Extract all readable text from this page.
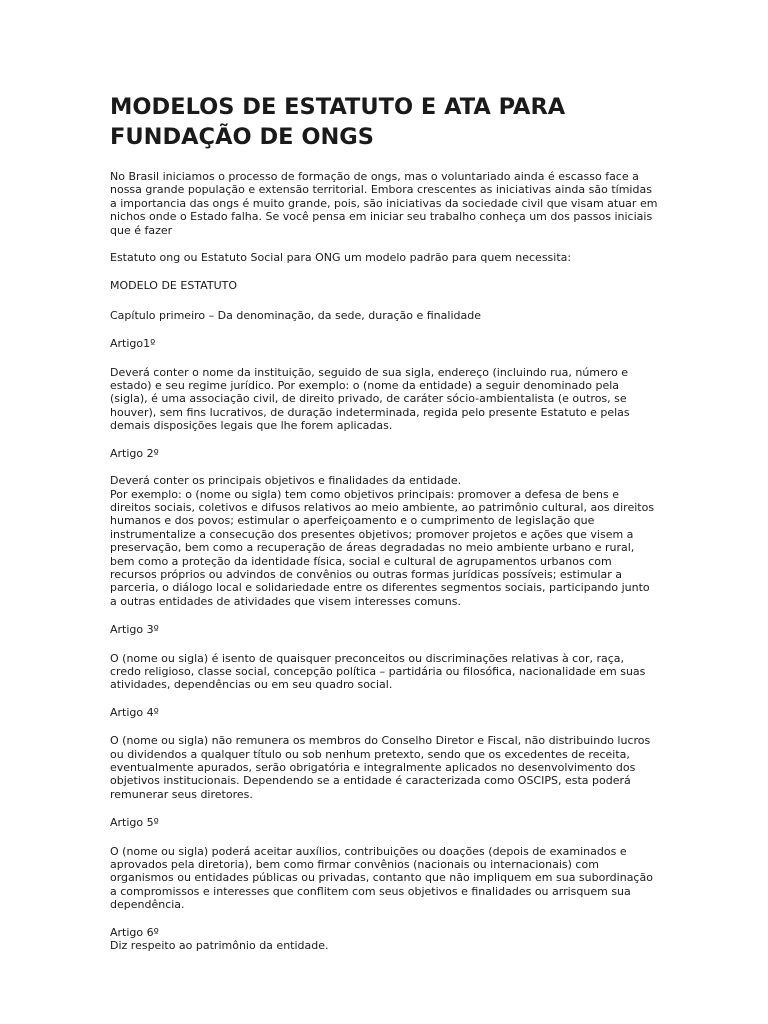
MODELOS DE ESTATUTO E ATA PARA
FUNDAÇÃO DE ONGS

No Brasil iniciamos o processo de formação de ongs, mas o voluntariado ainda é escasso face a
nossa grande população e extensão territorial. Embora crescentes as iniciativas ainda são tímidas
a importancia das ongs é muito grande, pois, são iniciativas da sociedade civil que visam atuar em
nichos onde o Estado falha. Se você pensa em iniciar seu trabalho conheça um dos passos iniciais
que é fazer

Estatuto ong ou Estatuto Social para ONG um modelo padrão para quem necessita:

MODELO DE ESTATUTO

Capítulo primeiro – Da denominação, da sede, duração e finalidade

Artigo1º

Deverá conter o nome da instituição, seguido de sua sigla, endereço (incluindo rua, número e
estado) e seu regime jurídico. Por exemplo: o (nome da entidade) a seguir denominado pela
(sigla), é uma associação civil, de direito privado, de caráter sócio-ambientalista (e outros, se
houver), sem fins lucrativos, de duração indeterminada, regida pelo presente Estatuto e pelas
demais disposições legais que lhe forem aplicadas.

Artigo 2º

Deverá conter os principais objetivos e finalidades da entidade.
Por exemplo: o (nome ou sigla) tem como objetivos principais: promover a defesa de bens e
direitos sociais, coletivos e difusos relativos ao meio ambiente, ao patrimônio cultural, aos direitos
humanos e dos povos; estimular o aperfeiçoamento e o cumprimento de legislação que
instrumentalize a consecução dos presentes objetivos; promover projetos e ações que visem a
preservação, bem como a recuperação de áreas degradadas no meio ambiente urbano e rural,
bem como a proteção da identidade física, social e cultural de agrupamentos urbanos com
recursos próprios ou advindos de convênios ou outras formas jurídicas possíveis; estimular a
parceria, o diálogo local e solidariedade entre os diferentes segmentos sociais, participando junto
a outras entidades de atividades que visem interesses comuns.

Artigo 3º

O (nome ou sigla) é isento de quaisquer preconceitos ou discriminações relativas à cor, raça,
credo religioso, classe social, concepção política – partidária ou filosófica, nacionalidade em suas
atividades, dependências ou em seu quadro social.

Artigo 4º

O (nome ou sigla) não remunera os membros do Conselho Diretor e Fiscal, não distribuindo lucros
ou dividendos a qualquer título ou sob nenhum pretexto, sendo que os excedentes de receita,
eventualmente apurados, serão obrigatória e integralmente aplicados no desenvolvimento dos
objetivos institucionais. Dependendo se a entidade é caracterizada como OSCIPS, esta poderá
remunerar seus diretores.

Artigo 5º

O (nome ou sigla) poderá aceitar auxílios, contribuições ou doações (depois de examinados e
aprovados pela diretoria), bem como firmar convênios (nacionais ou internacionais) com
organismos ou entidades públicas ou privadas, contanto que não impliquem em sua subordinação
a compromissos e interesses que conflitem com seus objetivos e finalidades ou arrisquem sua
dependência.

Artigo 6º

Diz respeito ao patrimônio da entidade.
